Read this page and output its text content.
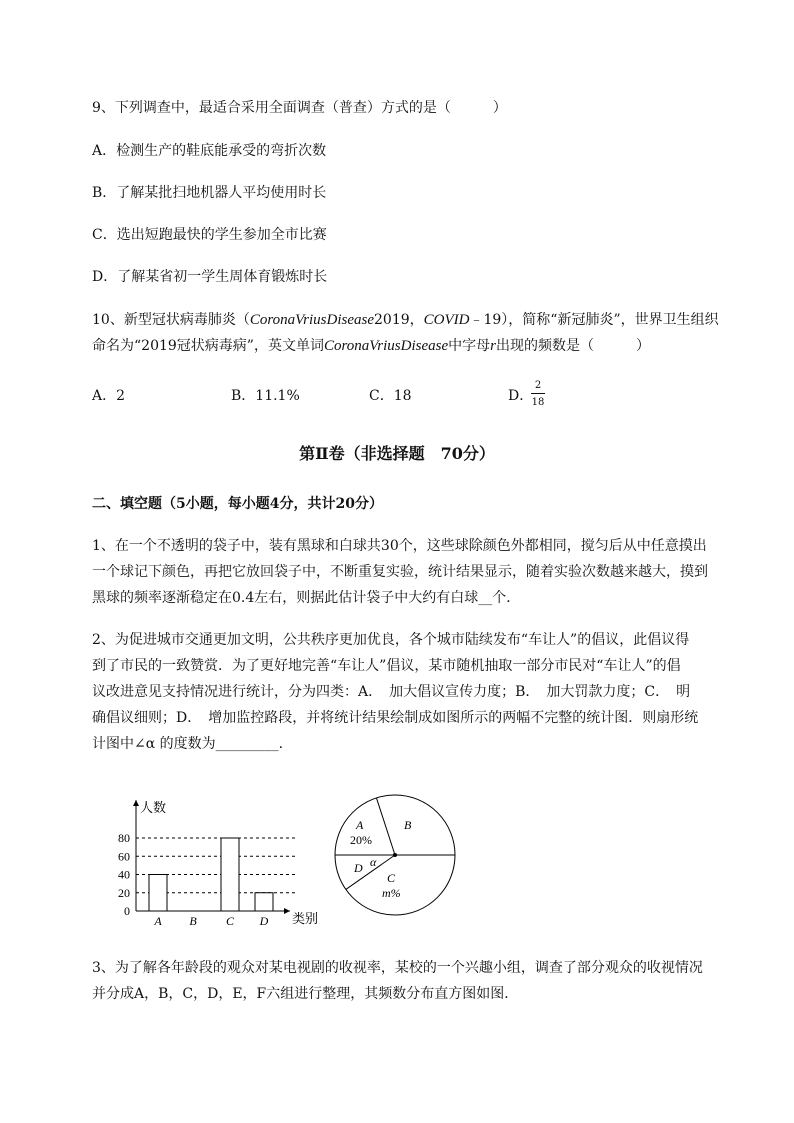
9、下列调查中，最适合采用全面调查（普查）方式的是（　　　）
A．检测生产的鞋底能承受的弯折次数
B．了解某批扫地机器人平均使用时长
C．选出短跑最快的学生参加全市比赛
D．了解某省初一学生周体育锻炼时长
10、新型冠状病毒肺炎（CoronaVriusDisease2019，COVID﹣19），简称“新冠肺炎”，世界卫生组织
命名为“2019冠状病毒病”，英文单词CoronaVriusDisease中字母r出现的频数是（　　　）
A．2	B．11.1%	C．18	D．
2
18
第Ⅱ卷（非选择题　70分）
二、填空题（5小题，每小题4分，共计20分）
1、在一个不透明的袋子中，装有黑球和白球共30个，这些球除颜色外都相同，搅匀后从中任意摸出
一个球记下颜色，再把它放回袋子中，不断重复实验，统计结果显示，随着实验次数越来越大，摸到
黑球的频率逐渐稳定在0.4左右，则据此估计袋子中大约有白球__个．
2、为促进城市交通更加文明，公共秩序更加优良，各个城市陆续发布“车让人”的倡议，此倡议得
到了市民的一致赞赏．为了更好地完善“车让人”倡议，某市随机抽取一部分市民对“车让人”的倡
议改进意见支持情况进行统计，分为四类：A．　加大倡议宣传力度；B．　加大罚款力度；C．　明
确倡议细则；D．　增加监控路段，并将统计结果绘制成如图所示的两幅不完整的统计图．则扇形统
计图中∠α 的度数为_________.
人数
类别
0
20
40
60
80
A B C D
A
20%
B
C
m%
D α
3、为了解各年龄段的观众对某电视剧的收视率，某校的一个兴趣小组，调查了部分观众的收视情况
并分成A，B，C，D，E，F六组进行整理，其频数分布直方图如图．
